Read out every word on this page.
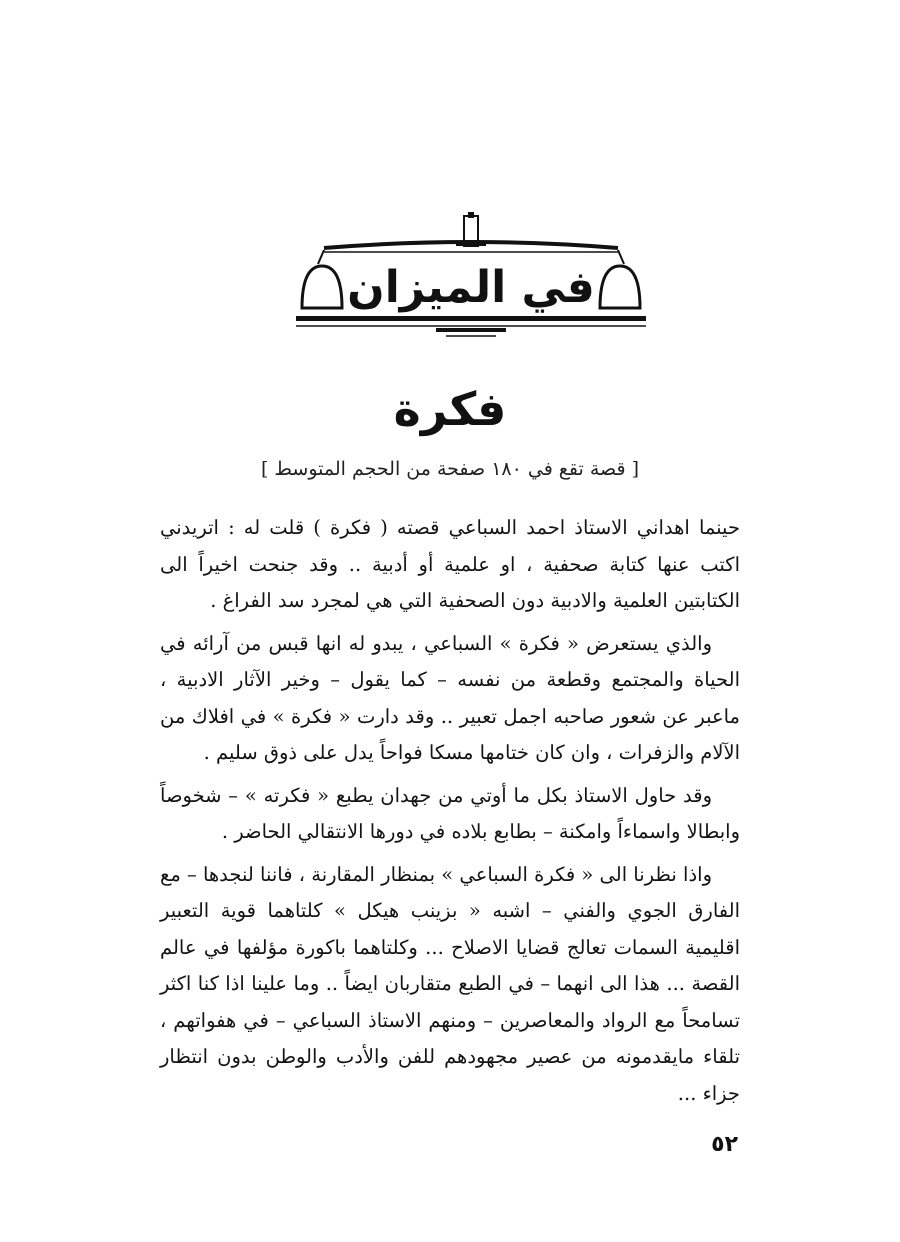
في الميزان
فكرة
[ قصة تقع في ١٨٠ صفحة من الحجم المتوسط ]

حينما اهداني الاستاذ احمد السباعي قصته ( فكرة ) قلت له : اتريدني اكتب عنها كتابة صحفية ، او علمية أو أدبية .. وقد جنحت اخيراً الى الكتابتين العلمية والادبية دون الصحفية التي هي لمجرد سد الفراغ .

والذي يستعرض « فكرة » السباعي ، يبدو له انها قبس من آرائه في الحياة والمجتمع وقطعة من نفسه – كما يقول – وخير الآثار الادبية ، ماعبر عن شعور صاحبه اجمل تعبير .. وقد دارت « فكرة » في افلاك من الآلام والزفرات ، وان كان ختامها مسكا فواحاً يدل على ذوق سليم .

وقد حاول الاستاذ بكل ما أوتي من جهدان يطبع « فكرته » – شخوصاً وابطالا واسماءاً وامكنة – بطابع بلاده في دورها الانتقالي الحاضر .

واذا نظرنا الى « فكرة السباعي » بمنظار المقارنة ، فاننا لنجدها – مع الفارق الجوي والفني – اشبه « بزينب هيكل » كلتاهما قوية التعبير اقليمية السمات تعالج قضايا الاصلاح ... وكلتاهما باكورة مؤلفها في عالم القصة ... هذا الى انهما – في الطبع متقاربان ايضاً .. وما علينا اذا كنا اكثر تسامحاً مع الرواد والمعاصرين – ومنهم الاستاذ السباعي – في هفواتهم ، تلقاء مايقدمونه من عصير مجهودهم للفن والأدب والوطن بدون انتظار جزاء ...

٥٢
